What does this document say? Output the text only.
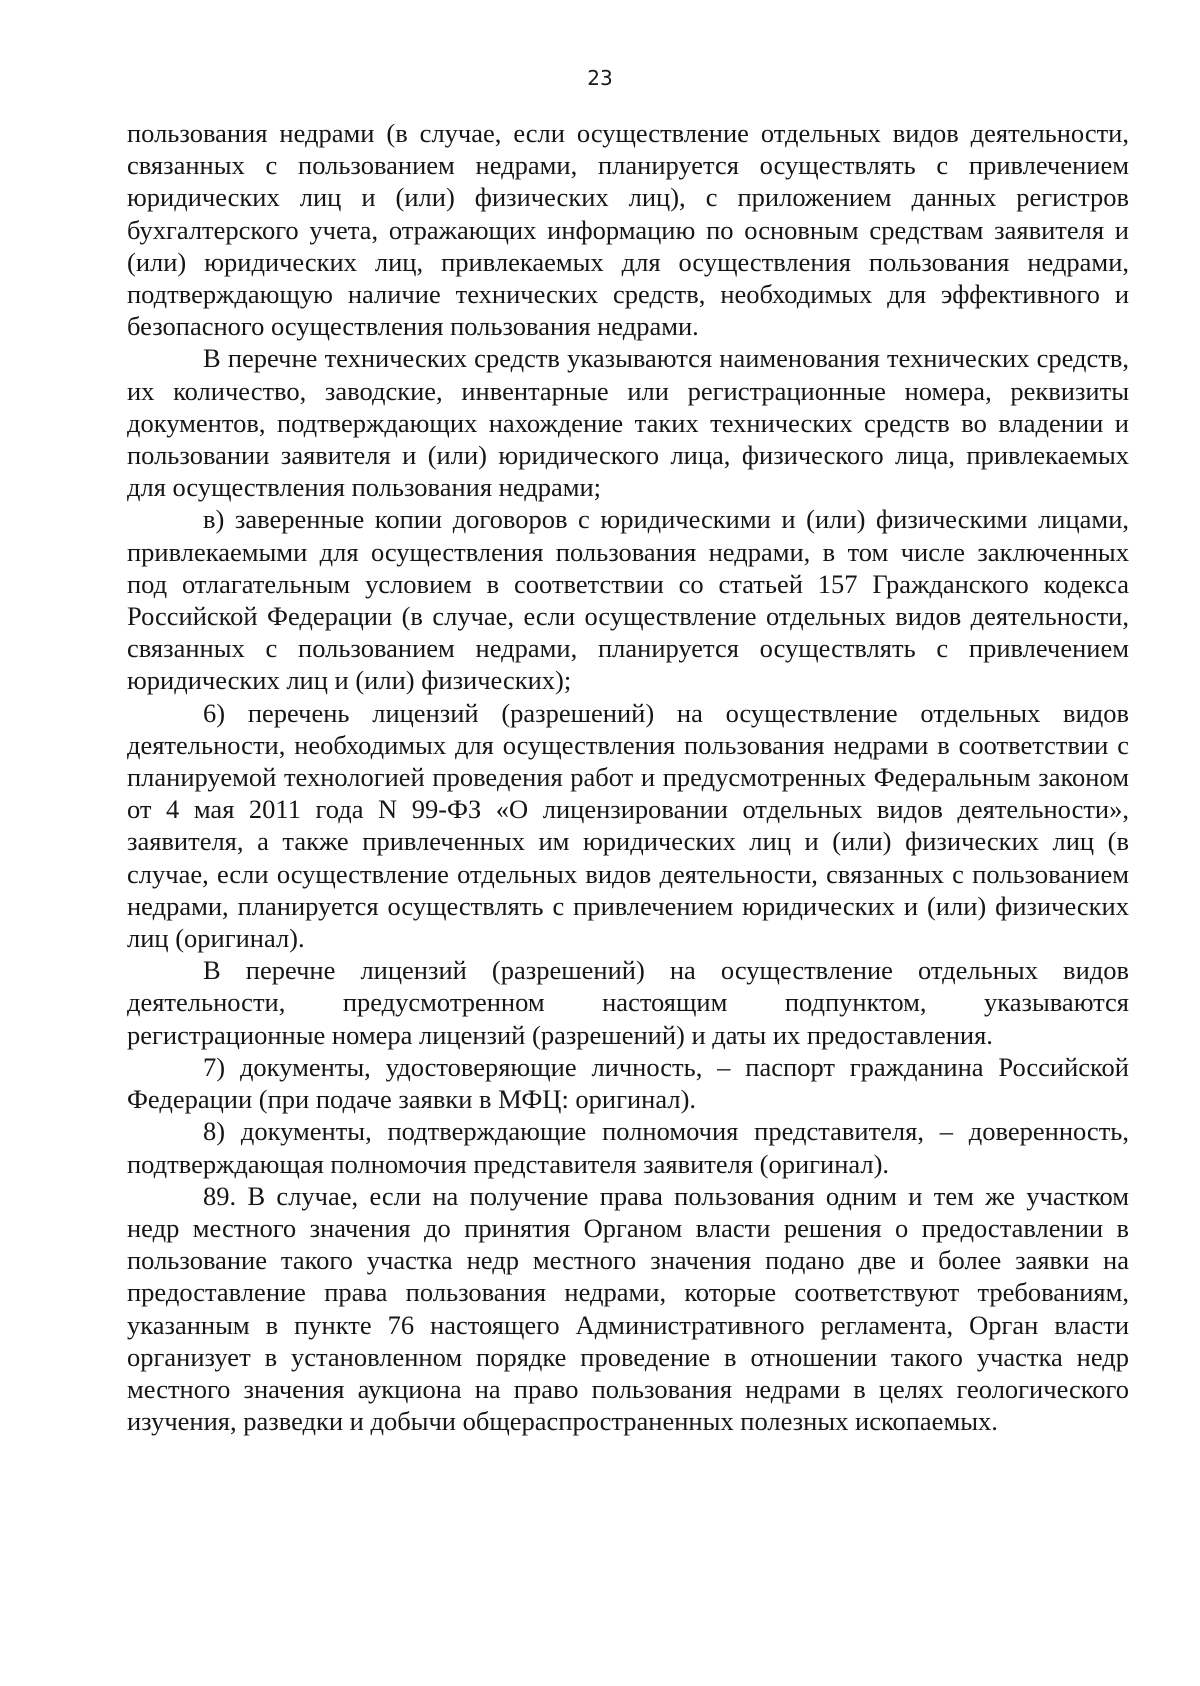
23

пользования недрами (в случае, если осуществление отдельных видов деятельности, связанных с пользованием недрами, планируется осуществлять с привлечением юридических лиц и (или) физических лиц), с приложением данных регистров бухгалтерского учета, отражающих информацию по основным средствам заявителя и (или) юридических лиц, привлекаемых для осуществления пользования недрами, подтверждающую наличие технических средств, необходимых для эффективного и безопасного осуществления пользования недрами.

В перечне технических средств указываются наименования технических средств, их количество, заводские, инвентарные или регистрационные номера, реквизиты документов, подтверждающих нахождение таких технических средств во владении и пользовании заявителя и (или) юридического лица, физического лица, привлекаемых для осуществления пользования недрами;

в) заверенные копии договоров с юридическими и (или) физическими лицами, привлекаемыми для осуществления пользования недрами, в том числе заключенных под отлагательным условием в соответствии со статьей 157 Гражданского кодекса Российской Федерации (в случае, если осуществление отдельных видов деятельности, связанных с пользованием недрами, планируется осуществлять с привлечением юридических лиц и (или) физических);

6) перечень лицензий (разрешений) на осуществление отдельных видов деятельности, необходимых для осуществления пользования недрами в соответствии с планируемой технологией проведения работ и предусмотренных Федеральным законом от 4 мая 2011 года N 99-ФЗ «О лицензировании отдельных видов деятельности», заявителя, а также привлеченных им юридических лиц и (или) физических лиц (в случае, если осуществление отдельных видов деятельности, связанных с пользованием недрами, планируется осуществлять с привлечением юридических и (или) физических лиц (оригинал).

В перечне лицензий (разрешений) на осуществление отдельных видов деятельности, предусмотренном настоящим подпунктом, указываются регистрационные номера лицензий (разрешений) и даты их предоставления.

7) документы, удостоверяющие личность, – паспорт гражданина Российской Федерации (при подаче заявки в МФЦ: оригинал).

8) документы, подтверждающие полномочия представителя, – доверенность, подтверждающая полномочия представителя заявителя (оригинал).

89. В случае, если на получение права пользования одним и тем же участком недр местного значения до принятия Органом власти решения о предоставлении в пользование такого участка недр местного значения подано две и более заявки на предоставление права пользования недрами, которые соответствуют требованиям, указанным в пункте 76 настоящего Административного регламента, Орган власти организует в установленном порядке проведение в отношении такого участка недр местного значения аукциона на право пользования недрами в целях геологического изучения, разведки и добычи общераспространенных полезных ископаемых.
